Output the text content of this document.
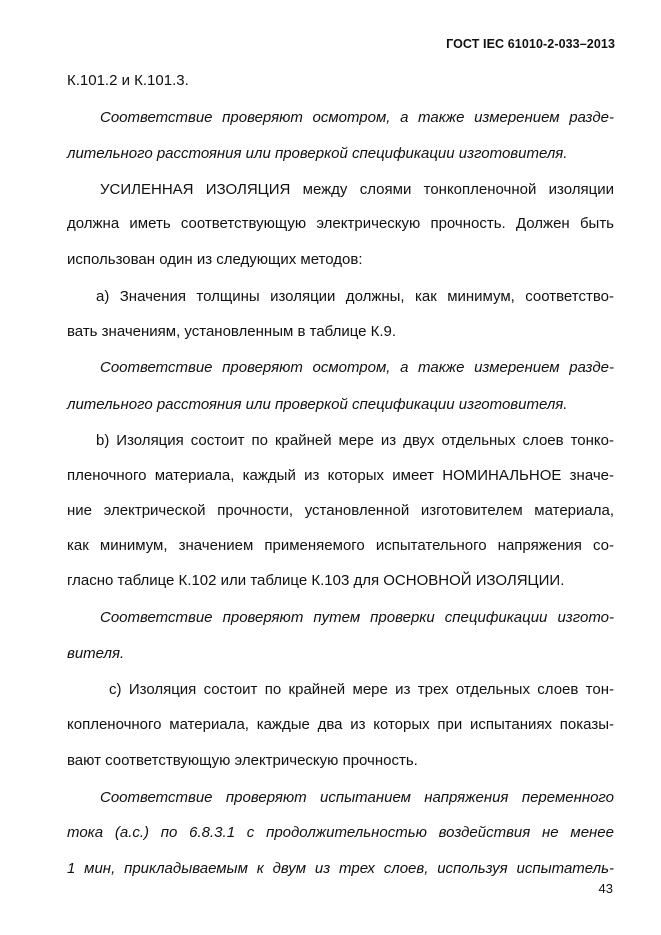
ГОСТ IEC 61010-2-033–2013
К.101.2 и К.101.3.
Соответствие проверяют осмотром, а также измерением разде-
лительного расстояния или проверкой спецификации изготовителя.
УСИЛЕННАЯ ИЗОЛЯЦИЯ между слоями тонкопленочной изоляции
должна иметь соответствующую электрическую прочность. Должен быть
использован один из следующих методов:
a) Значения толщины изоляции должны, как минимум, соответство-
вать значениям, установленным в таблице К.9.
Соответствие проверяют осмотром, а также измерением разде-
лительного расстояния или проверкой спецификации изготовителя.
b) Изоляция состоит по крайней мере из двух отдельных слоев тонко-
пленочного материала, каждый из которых имеет НОМИНАЛЬНОЕ значе-
ние электрической прочности, установленной изготовителем материала,
как минимум, значением применяемого испытательного напряжения со-
гласно таблице К.102 или таблице К.103 для ОСНОВНОЙ ИЗОЛЯЦИИ.
Соответствие проверяют путем проверки спецификации изгото-
вителя.
c) Изоляция состоит по крайней мере из трех отдельных слоев тон-
копленочного материала, каждые два из которых при испытаниях показы-
вают соответствующую электрическую прочность.
Соответствие проверяют испытанием напряжения переменного
тока (а.с.) по 6.8.3.1 с продолжительностью воздействия не менее
1 мин, прикладываемым к двум из трех слоев, используя испытатель-
43
